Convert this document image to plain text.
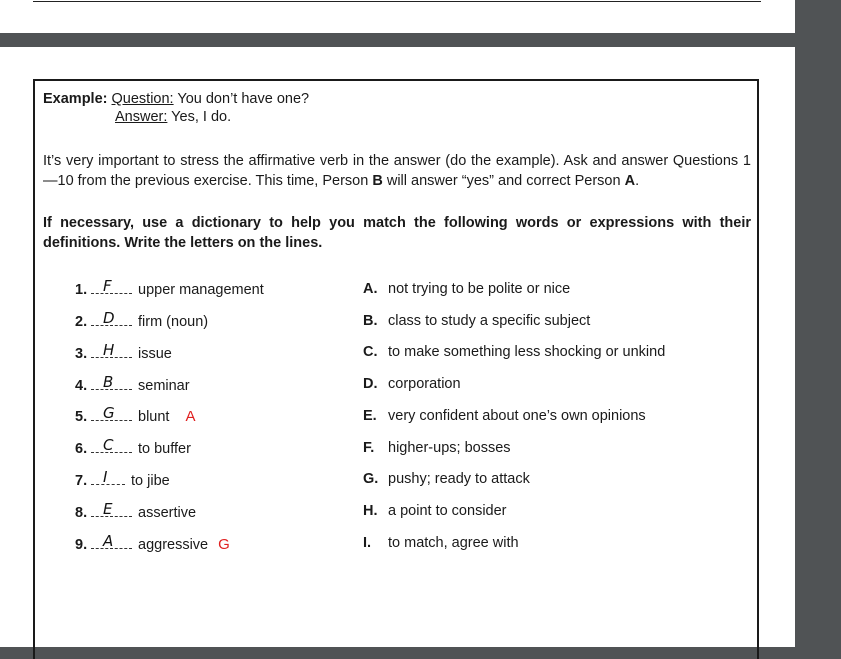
Example: Question: You don’t have one?
Answer: Yes, I do.
It’s very important to stress the affirmative verb in the answer (do the example). Ask and answer Questions 1—10 from the previous exercise. This time, Person B will answer “yes” and correct Person A.
If necessary, use a dictionary to help you match the following words or expressions with their definitions. Write the letters on the lines.
1. F upper management
2. D firm (noun)
3. H issue
4. B seminar
5. G blunt A
6. C to buffer
7. I to jibe
8. E assertive
9. A aggressive G
A. not trying to be polite or nice
B. class to study a specific subject
C. to make something less shocking or unkind
D. corporation
E. very confident about one’s own opinions
F. higher-ups; bosses
G. pushy; ready to attack
H. a point to consider
I. to match, agree with
